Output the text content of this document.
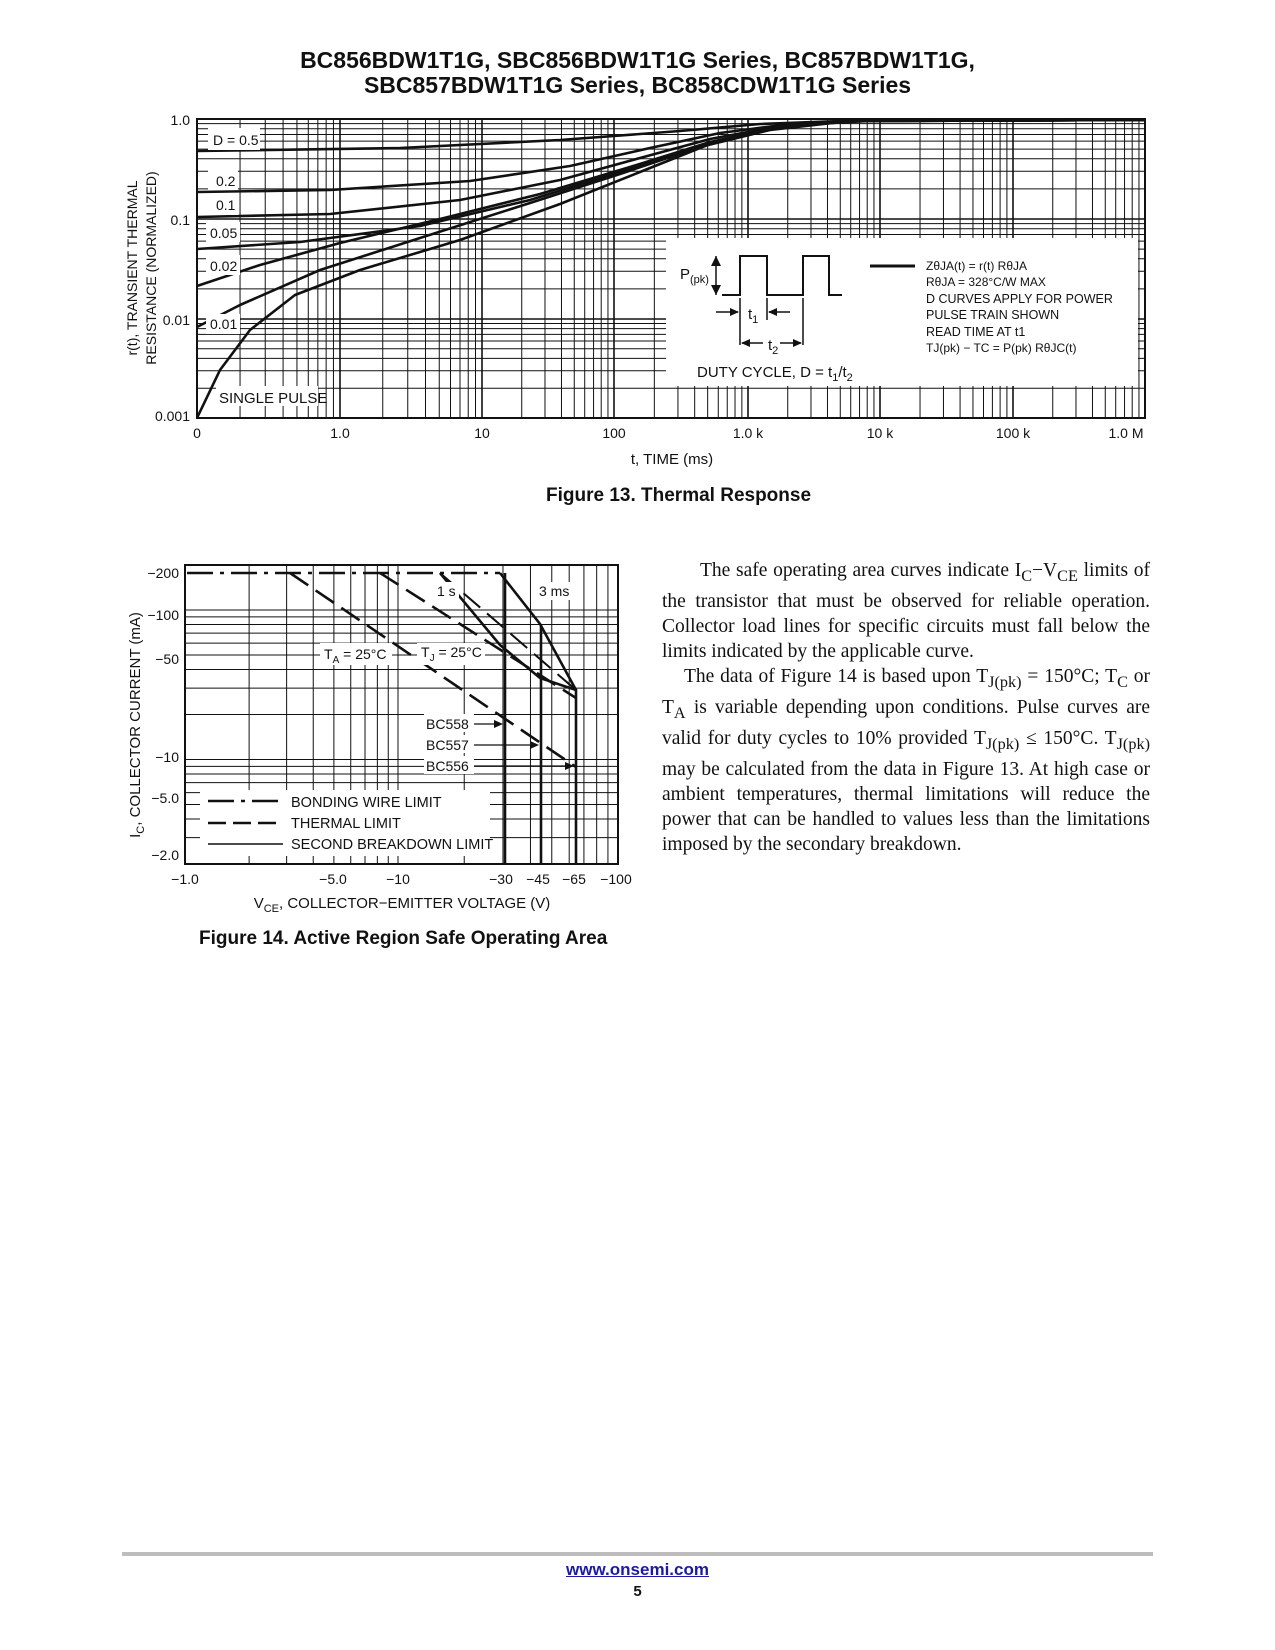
BC856BDW1T1G, SBC856BDW1T1G Series, BC857BDW1T1G,
SBC857BDW1T1G Series, BC858CDW1T1G Series
D = 0.5
0.2
0.1
0.05
0.02
0.01
SINGLE PULSE
1.0
0.1
0.01
0.001
0	1.0	10	100	1.0 k	10 k	100 k	1.0 M
r(t), TRANSIENT THERMAL RESISTANCE (NORMALIZED)
t, TIME (ms)
$P_{(pk)}$
$t_1$
$t_2$
DUTY CYCLE, $D = t_1/t_2$
ZθJA(t) = r(t) RθJA
RθJA = 328°C/W MAX
D CURVES APPLY FOR POWER
PULSE TRAIN SHOWN
READ TIME AT t1
TJ(pk) − TC = P(pk) RθJC(t)
Figure 13. Thermal Response
1 s	3 ms
$T_A = 25^\circ C$ $T_J = 25^\circ C$
BC558
BC557
BC556
BONDING WIRE LIMIT
THERMAL LIMIT
SECOND BREAKDOWN LIMIT
−200
−100
−50
−10
−5.0
−2.0
−1.0	−5.0	−10	−30 −45 −65 −100
$I_C$, COLLECTOR CURRENT (mA)
$V_{CE}$, COLLECTOR−EMITTER VOLTAGE (V)
Figure 14. Active Region Safe Operating Area

The safe operating area curves indicate $I_C-V_{CE}$ limits of the transistor that must be observed for reliable operation. Collector load lines for specific circuits must fall below the limits indicated by the applicable curve.

The data of Figure 14 is based upon $T_{J(pk)} = 150^\circ C$; $T_C$ or $T_A$ is variable depending upon conditions. Pulse curves are valid for duty cycles to 10% provided $T_{J(pk)} \le 150^\circ C$. $T_{J(pk)}$ may be calculated from the data in Figure 13. At high case or ambient temperatures, thermal limitations will reduce the power that can be handled to values less than the limitations imposed by the secondary breakdown.

www.onsemi.com
5
